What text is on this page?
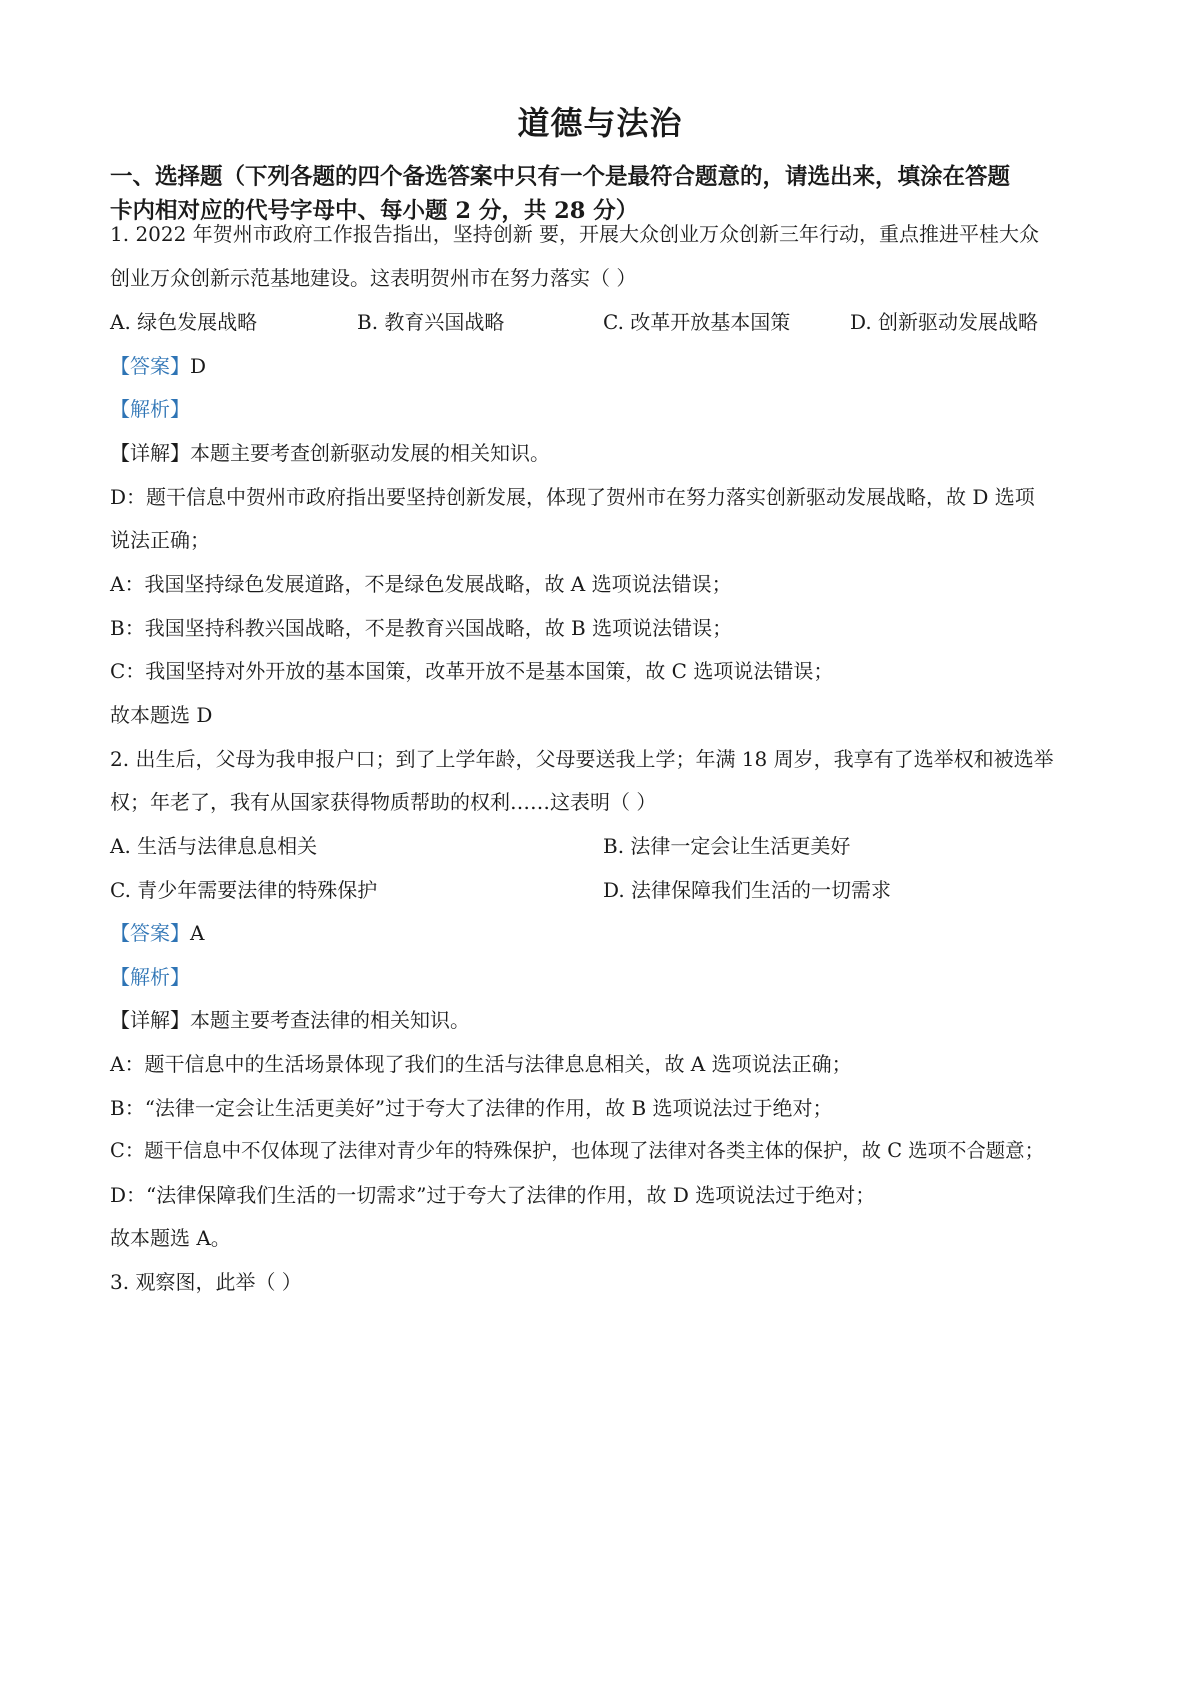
道德与法治
一、选择题（下列各题的四个备选答案中只有一个是最符合题意的，请选出来，填涂在答题
卡内相对应的代号字母中、每小题 2 分，共 28 分）
1. 2022 年贺州市政府工作报告指出，坚持创新 要，开展大众创业万众创新三年行动，重点推进平桂大众
创业万众创新示范基地建设。这表明贺州市在努力落实（ ）
A. 绿色发展战略	B. 教育兴国战略	C. 改革开放基本国策	D. 创新驱动发展战略
【答案】D
【解析】
【详解】本题主要考查创新驱动发展的相关知识。
D：题干信息中贺州市政府指出要坚持创新发展，体现了贺州市在努力落实创新驱动发展战略，故 D 选项
说法正确；
A：我国坚持绿色发展道路，不是绿色发展战略，故 A 选项说法错误；
B：我国坚持科教兴国战略，不是教育兴国战略，故 B 选项说法错误；
C：我国坚持对外开放的基本国策，改革开放不是基本国策，故 C 选项说法错误；
故本题选 D
2. 出生后，父母为我申报户口；到了上学年龄，父母要送我上学；年满 18 周岁，我享有了选举权和被选举
权；年老了，我有从国家获得物质帮助的权利……这表明（ ）
A. 生活与法律息息相关	B. 法律一定会让生活更美好
C. 青少年需要法律的特殊保护	D. 法律保障我们生活的一切需求
【答案】A
【解析】
【详解】本题主要考查法律的相关知识。
A：题干信息中的生活场景体现了我们的生活与法律息息相关，故 A 选项说法正确；
B：“法律一定会让生活更美好”过于夸大了法律的作用，故 B 选项说法过于绝对；
C：题干信息中不仅体现了法律对青少年的特殊保护，也体现了法律对各类主体的保护，故 C 选项不合题意；
D：“法律保障我们生活的一切需求”过于夸大了法律的作用，故 D 选项说法过于绝对；
故本题选 A。
3. 观察图，此举（ ）
